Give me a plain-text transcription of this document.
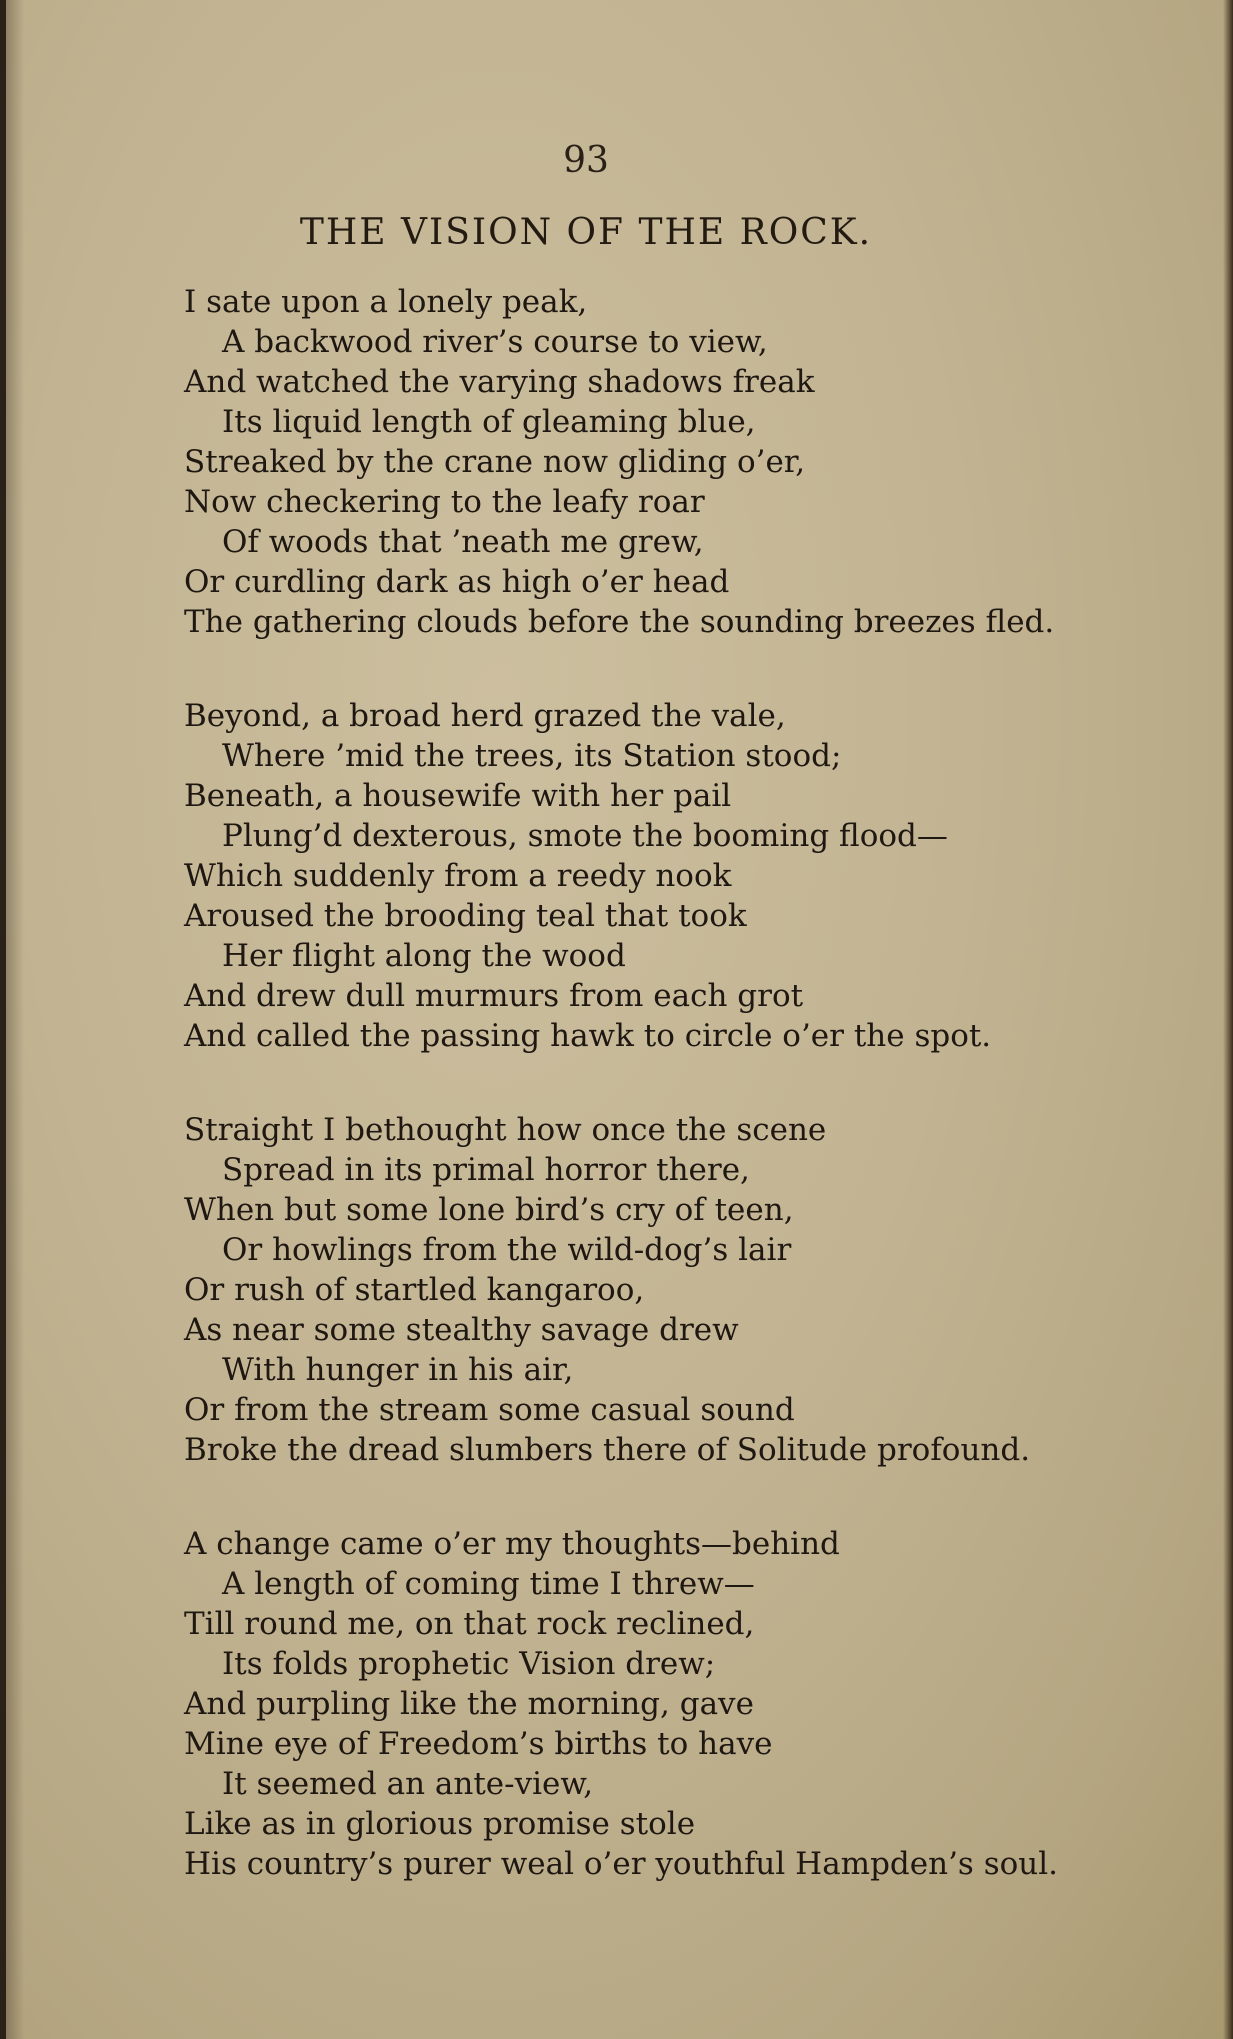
93
THE VISION OF THE ROCK.
I sate upon a lonely peak,
A backwood river’s course to view,
And watched the varying shadows freak
Its liquid length of gleaming blue,
Streaked by the crane now gliding o’er,
Now checkering to the leafy roar
Of woods that ’neath me grew,
Or curdling dark as high o’er head
The gathering clouds before the sounding breezes fled.
Beyond, a broad herd grazed the vale,
Where ’mid the trees, its Station stood;
Beneath, a housewife with her pail
Plung’d dexterous, smote the booming flood—
Which suddenly from a reedy nook
Aroused the brooding teal that took
Her flight along the wood
And drew dull murmurs from each grot
And called the passing hawk to circle o’er the spot.
Straight I bethought how once the scene
Spread in its primal horror there,
When but some lone bird’s cry of teen,
Or howlings from the wild-dog’s lair
Or rush of startled kangaroo,
As near some stealthy savage drew
With hunger in his air,
Or from the stream some casual sound
Broke the dread slumbers there of Solitude profound.
A change came o’er my thoughts—behind
A length of coming time I threw—
Till round me, on that rock reclined,
Its folds prophetic Vision drew;
And purpling like the morning, gave
Mine eye of Freedom’s births to have
It seemed an ante-view,
Like as in glorious promise stole
His country’s purer weal o’er youthful Hampden’s soul.
